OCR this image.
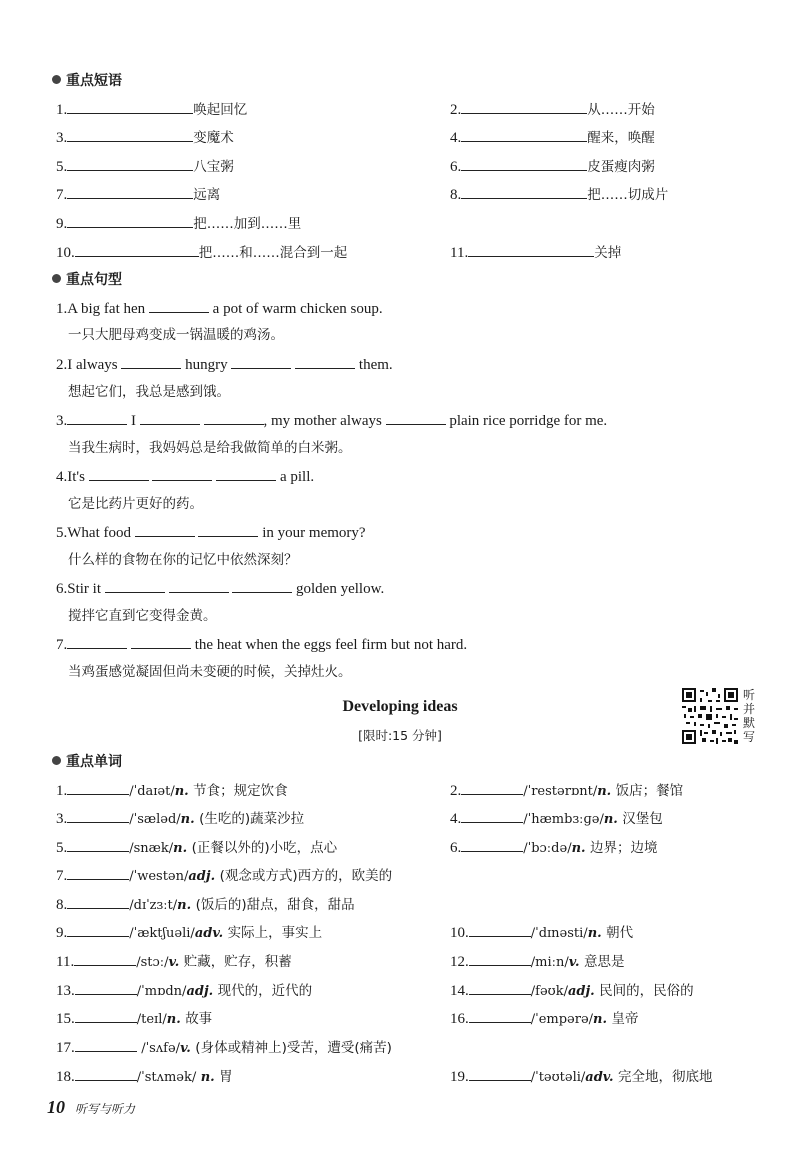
重点短语
1.	唤起回忆	2.	从……开始
3.	变魔术	4.	醒来，唤醒
5.	八宝粥	6.	皮蛋瘦肉粥
7.	远离	8.	把……切成片
9.	把……加到……里
10.	把……和……混合到一起	11.	关掉
重点句型
1.A big fat hen	a pot of warm chicken soup.
一只大肥母鸡变成一锅温暖的鸡汤。
2.I always	hungry	them.
想起它们，我总是感到饿。
3.	I	, my mother always	plain rice porridge for me.
当我生病时，我妈妈总是给我做简单的白米粥。
4.It's	a pill.
它是比药片更好的药。
5.What food	in your memory?
什么样的食物在你的记忆中依然深刻？
6.Stir it	golden yellow.
搅拌它直到它变得金黄。
7.	the heat when the eggs feel firm but not hard.
当鸡蛋感觉凝固但尚未变硬的时候，关掉灶火。
Developing ideas
[限时:15 分钟]
听并默写
重点单词
1.	/ˈdaɪət/n. 节食；规定饮食	2.	/ˈrestərɒnt/n. 饭店；餐馆
3.	/ˈsæləd/n. (生吃的)蔬菜沙拉	4.	/ˈhæmbɜːɡə/n. 汉堡包
5.	/snæk/n. (正餐以外的)小吃，点心	6.	/ˈbɔːdə/n. 边界；边境
7.	/ˈwestən/adj. (观念或方式)西方的，欧美的
8.	/dɪˈzɜːt/n. (饭后的)甜点，甜食，甜品
9.	/ˈæktʃuəli/adv. 实际上，事实上	10.	/ˈdɪnəsti/n. 朝代
11.	/stɔː/v. 贮藏，贮存，积蓄	12.	/miːn/v. 意思是
13.	/ˈmɒdn/adj. 现代的，近代的	14.	/fəʊk/adj. 民间的，民俗的
15.	/teɪl/n. 故事	16.	/ˈempərə/n. 皇帝
17.	/ˈsʌfə/v. (身体或精神上)受苦，遭受(痛苦)
18.	/ˈstʌmək/ n. 胃	19.	/ˈtəʊtəli/adv. 完全地，彻底地
10 听写与听力
